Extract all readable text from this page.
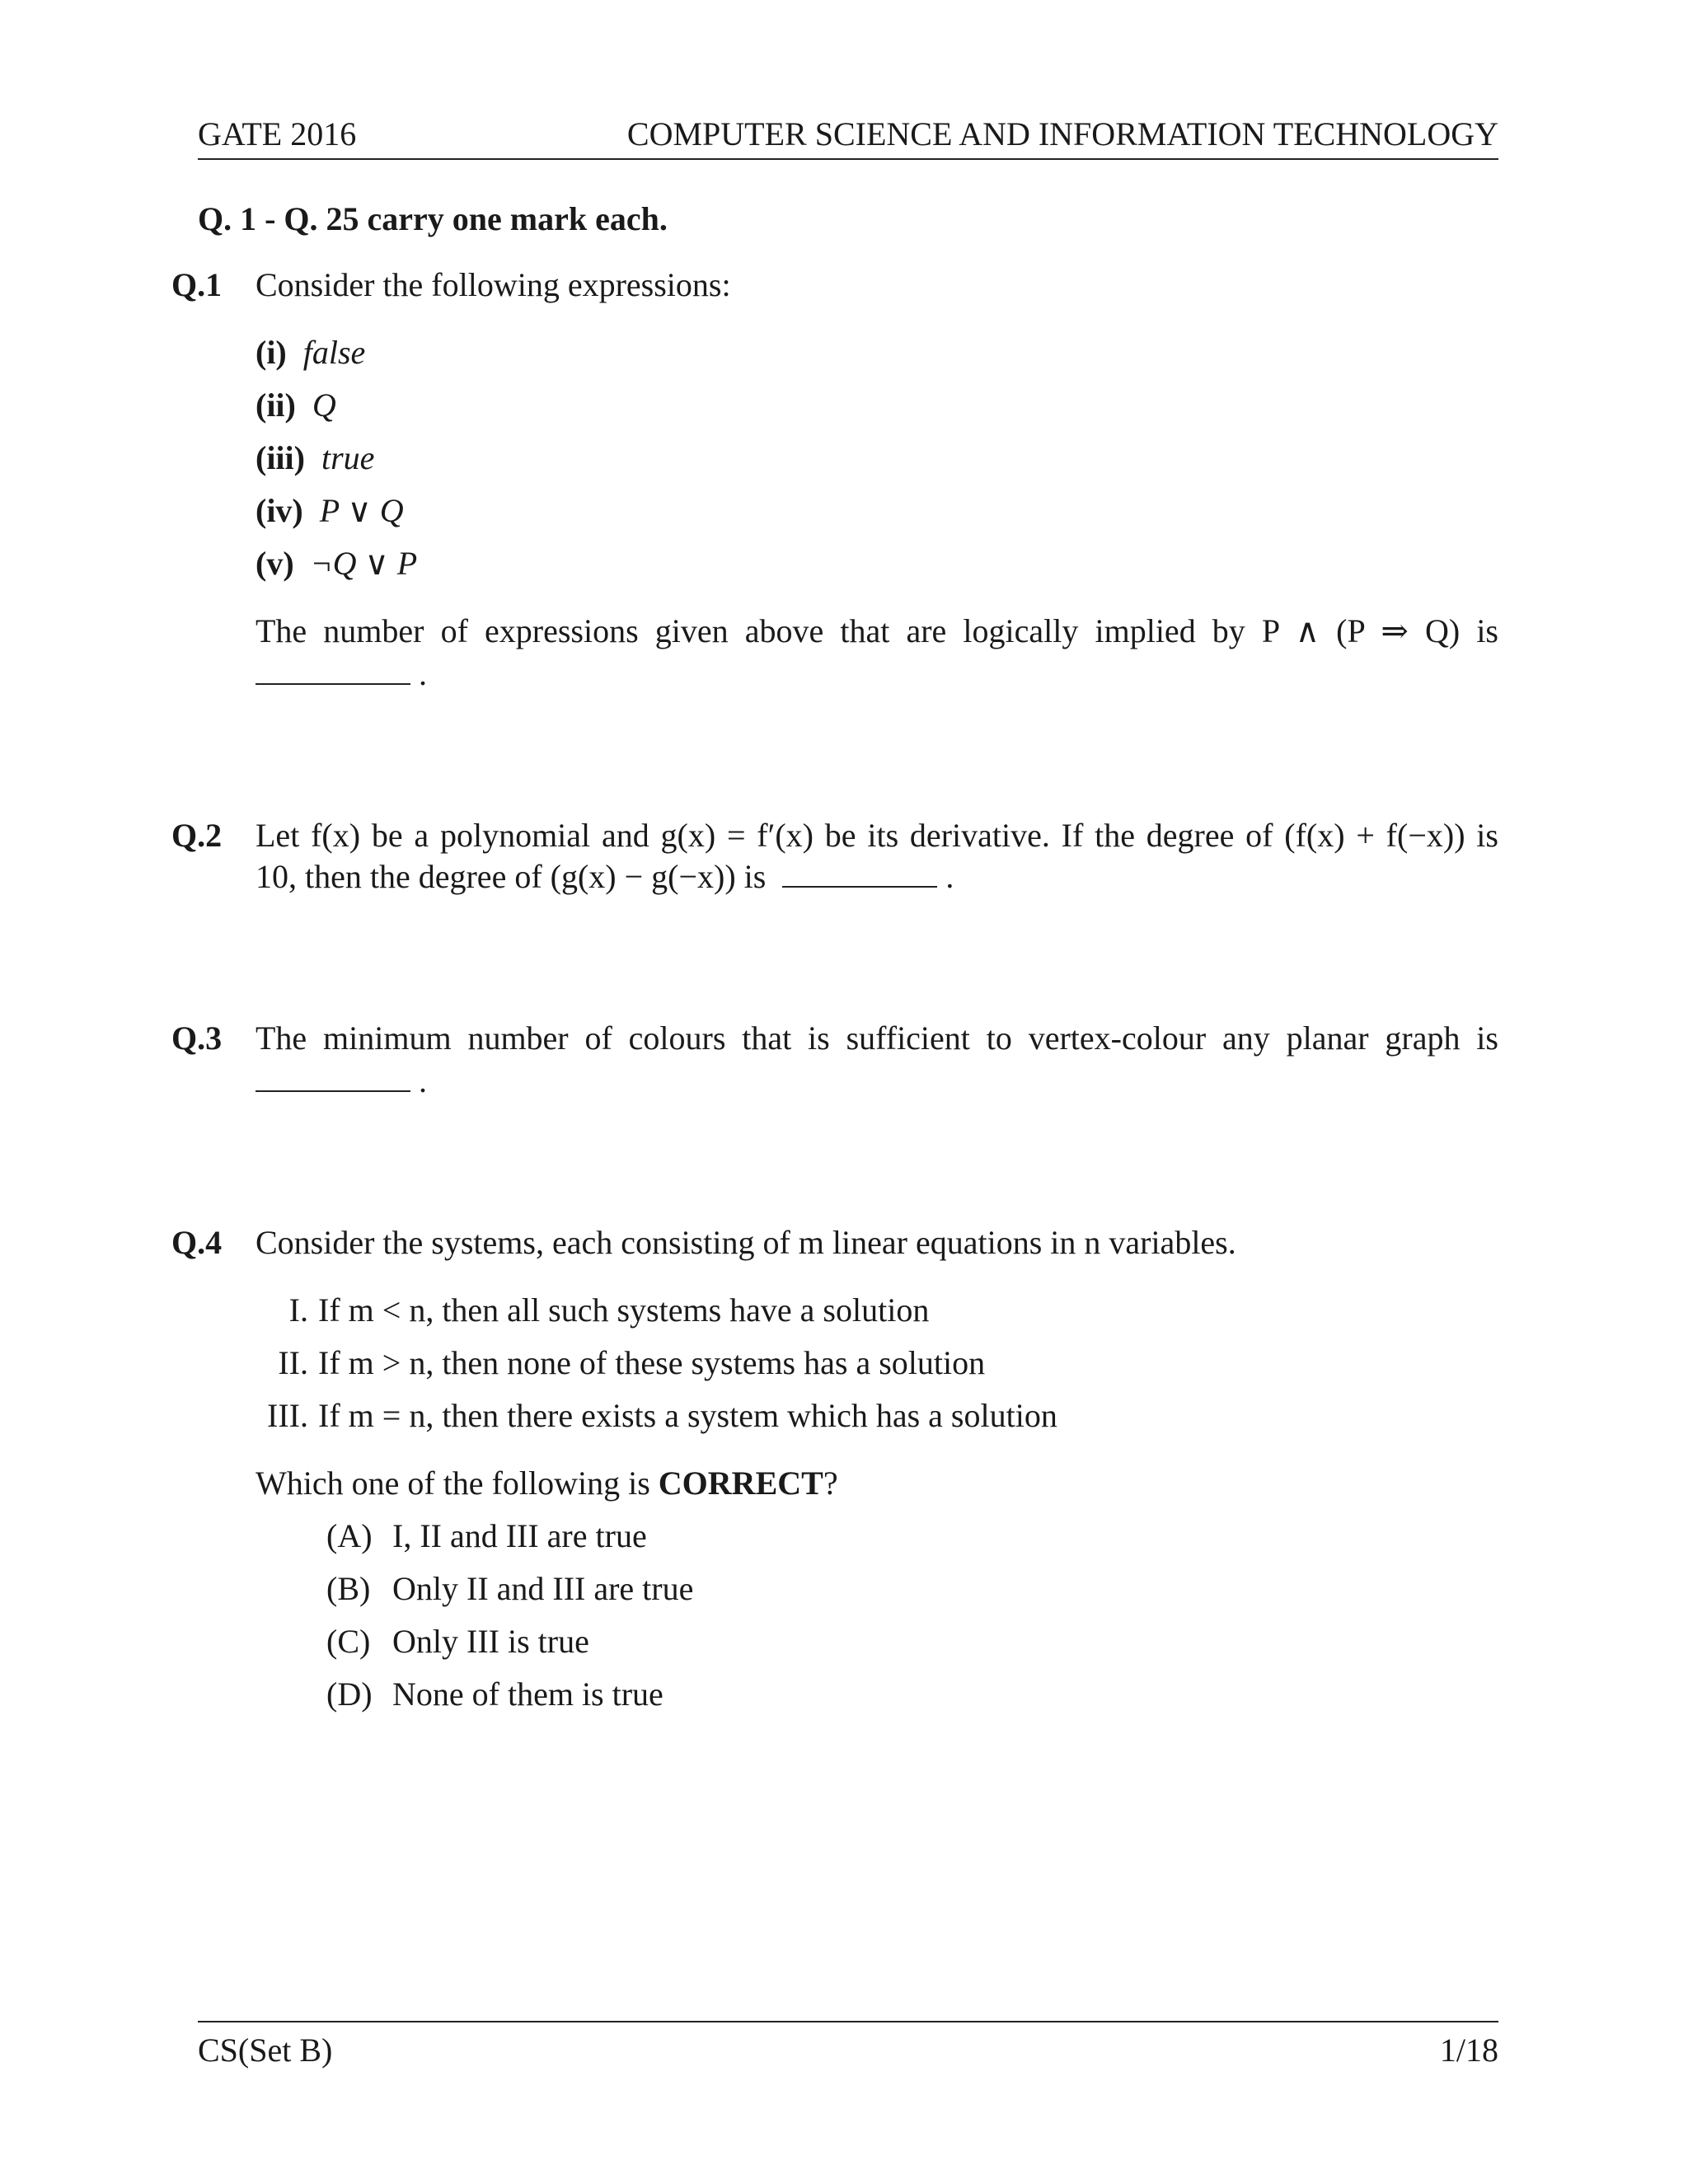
GATE 2016	COMPUTER SCIENCE AND INFORMATION TECHNOLOGY
Q. 1 - Q. 25 carry one mark each.
Q.1 Consider the following expressions:
(i) false
(ii) Q
(iii) true
(iv) P ∨ Q
(v) ¬Q ∨ P
The number of expressions given above that are logically implied by P ∧ (P ⇒ Q) is
.
Q.2 Let f(x) be a polynomial and g(x) = f′(x) be its derivative. If the degree of (f(x) + f(−x)) is
10, then the degree of (g(x) − g(−x)) is	.
Q.3 The minimum number of colours that is sufficient to vertex-colour any planar graph is
.
Q.4 Consider the systems, each consisting of m linear equations in n variables.
I. If m < n, then all such systems have a solution
II. If m > n, then none of these systems has a solution
III. If m = n, then there exists a system which has a solution
Which one of the following is CORRECT?
(A) I, II and III are true
(B) Only II and III are true
(C) Only III is true
(D) None of them is true
CS(Set B)	1/18
